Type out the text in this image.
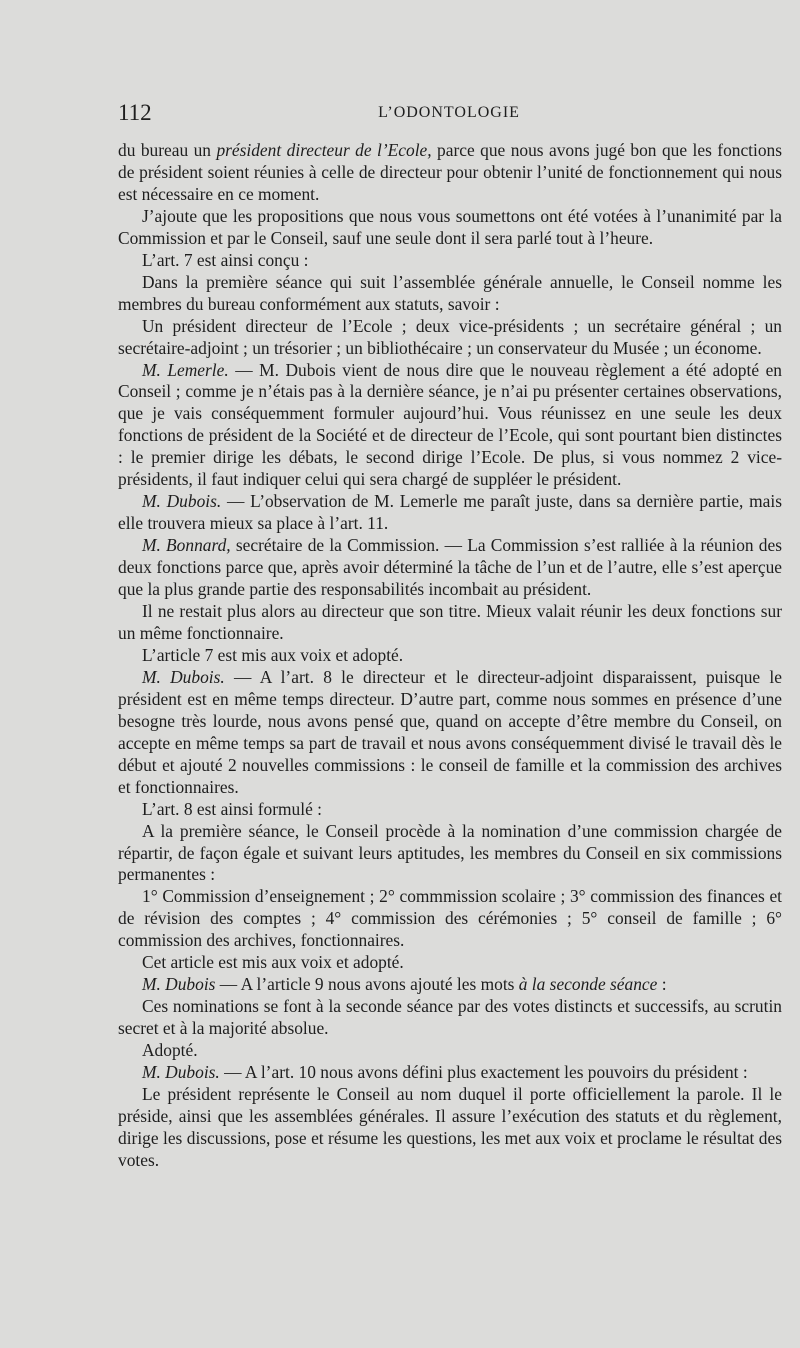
112	L’ODONTOLOGIE

du bureau un président directeur de l’Ecole, parce que nous avons jugé bon que les fonctions de président soient réunies à celle de directeur pour obtenir l’unité de fonctionnement qui nous est nécessaire en ce moment.

J’ajoute que les propositions que nous vous soumettons ont été votées à l’unanimité par la Commission et par le Conseil, sauf une seule dont il sera parlé tout à l’heure.

L’art. 7 est ainsi conçu :

Dans la première séance qui suit l’assemblée générale annuelle, le Conseil nomme les membres du bureau conformément aux statuts, savoir :

Un président directeur de l’Ecole ; deux vice-présidents ; un secrétaire général ; un secrétaire-adjoint ; un trésorier ; un bibliothécaire ; un conservateur du Musée ; un économe.

M. Lemerle. — M. Dubois vient de nous dire que le nouveau règlement a été adopté en Conseil ; comme je n’étais pas à la dernière séance, je n’ai pu présenter certaines observations, que je vais conséquemment formuler aujourd’hui. Vous réunissez en une seule les deux fonctions de président de la Société et de directeur de l’Ecole, qui sont pourtant bien distinctes : le premier dirige les débats, le second dirige l’Ecole. De plus, si vous nommez 2 vice-présidents, il faut indiquer celui qui sera chargé de suppléer le président.

M. Dubois. — L’observation de M. Lemerle me paraît juste, dans sa dernière partie, mais elle trouvera mieux sa place à l’art. 11.

M. Bonnard, secrétaire de la Commission. — La Commission s’est ralliée à la réunion des deux fonctions parce que, après avoir déterminé la tâche de l’un et de l’autre, elle s’est aperçue que la plus grande partie des responsabilités incombait au président.

Il ne restait plus alors au directeur que son titre. Mieux valait réunir les deux fonctions sur un même fonctionnaire.

L’article 7 est mis aux voix et adopté.

M. Dubois. — A l’art. 8 le directeur et le directeur-adjoint disparaissent, puisque le président est en même temps directeur. D’autre part, comme nous sommes en présence d’une besogne très lourde, nous avons pensé que, quand on accepte d’être membre du Conseil, on accepte en même temps sa part de travail et nous avons conséquemment divisé le travail dès le début et ajouté 2 nouvelles commissions : le conseil de famille et la commission des archives et fonctionnaires.

L’art. 8 est ainsi formulé :

A la première séance, le Conseil procède à la nomination d’une commission chargée de répartir, de façon égale et suivant leurs aptitudes, les membres du Conseil en six commissions permanentes :

1° Commission d’enseignement ; 2° commmission scolaire ; 3° commission des finances et de révision des comptes ; 4° commission des cérémonies ; 5° conseil de famille ; 6° commission des archives, fonctionnaires.

Cet article est mis aux voix et adopté.

M. Dubois — A l’article 9 nous avons ajouté les mots à la seconde séance :

Ces nominations se font à la seconde séance par des votes distincts et successifs, au scrutin secret et à la majorité absolue.

Adopté.

M. Dubois. — A l’art. 10 nous avons défini plus exactement les pouvoirs du président :

Le président représente le Conseil au nom duquel il porte officiellement la parole. Il le préside, ainsi que les assemblées générales. Il assure l’exécution des statuts et du règlement, dirige les discussions, pose et résume les questions, les met aux voix et proclame le résultat des votes.
